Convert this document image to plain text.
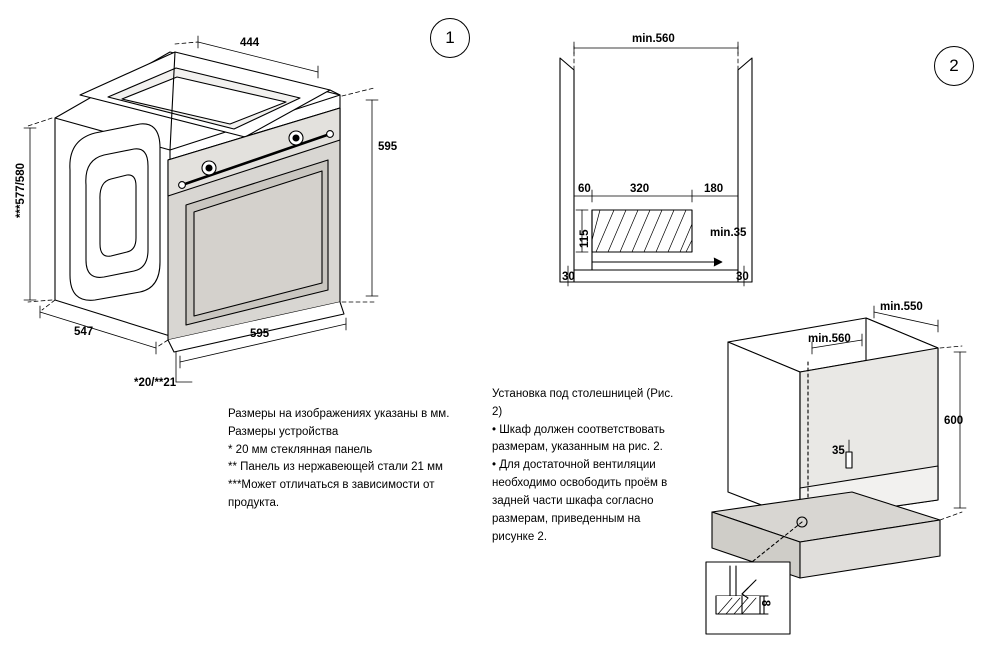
1
2
444
595
***577/580
547	595
*20/**21
min.560
60	320	180
115	min.35
30	30
min.550
min.560
600
35
8
Размеры на изображениях указаны в мм.
Размеры устройства
* 20 мм стеклянная панель
** Панель из нержавеющей стали 21 мм
***Может отличаться в зависимости от продукта.
Установка под столешницей (Рис. 2)
• Шкаф должен соответствовать размерам, указанным на рис. 2.
• Для достаточной вентиляции необходимо освободить проём в задней части шкафа согласно размерам, приведенным на рисунке 2.
